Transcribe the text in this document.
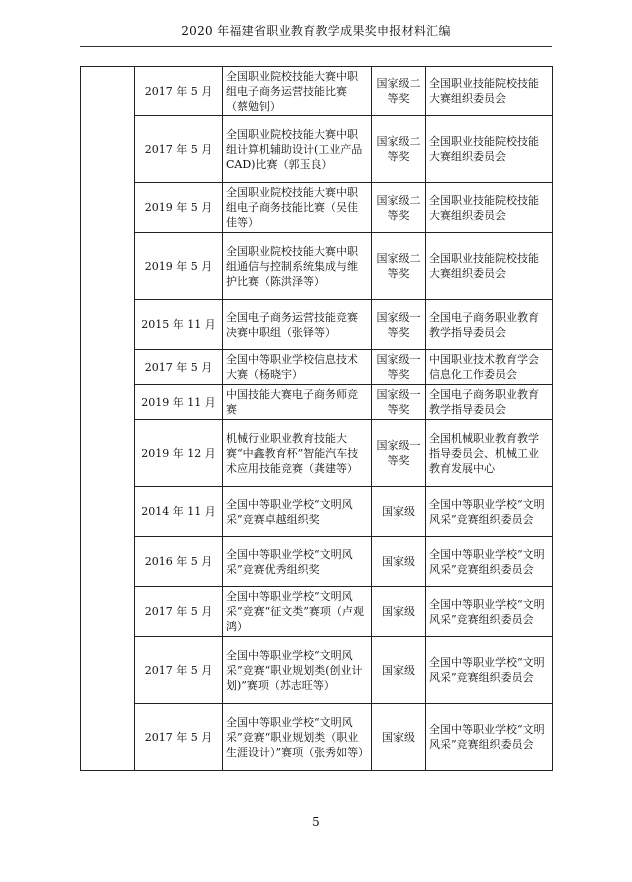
2020 年福建省职业教育教学成果奖申报材料汇编
	2017 年 5 月	全国职业院校技能大赛中职组电子商务运营技能比赛（蔡勉钊）	国家级二等奖	全国职业技能院校技能大赛组织委员会
	2017 年 5 月	全国职业院校技能大赛中职组计算机辅助设计(工业产品 CAD)比赛（郭玉良）	国家级二等奖	全国职业技能院校技能大赛组织委员会
	2019 年 5 月	全国职业院校技能大赛中职组电子商务技能比赛（吴佳佳等）	国家级二等奖	全国职业技能院校技能大赛组织委员会
	2019 年 5 月	全国职业院校技能大赛中职组通信与控制系统集成与维护比赛（陈洪泽等）	国家级二等奖	全国职业技能院校技能大赛组织委员会
	2015 年 11 月	全国电子商务运营技能竞赛决赛中职组（张铎等）	国家级一等奖	全国电子商务职业教育教学指导委员会
	2017 年 5 月	全国中等职业学校信息技术大赛（杨晓宇）	国家级一等奖	中国职业技术教育学会信息化工作委员会
	2019 年 11 月	中国技能大赛电子商务师竞赛	国家级一等奖	全国电子商务职业教育教学指导委员会
	2019 年 12 月	机械行业职业教育技能大赛“中鑫教育杯”智能汽车技术应用技能竞赛（龚建等）	国家级一等奖	全国机械职业教育教学指导委员会、机械工业教育发展中心
	2014 年 11 月	全国中等职业学校“文明风采”竞赛卓越组织奖	国家级	全国中等职业学校“文明风采”竞赛组织委员会
	2016 年 5 月	全国中等职业学校“文明风采”竞赛优秀组织奖	国家级	全国中等职业学校“文明风采”竞赛组织委员会
	2017 年 5 月	全国中等职业学校“文明风采”竞赛“征文类”赛项（卢观鸿）	国家级	全国中等职业学校“文明风采”竞赛组织委员会
	2017 年 5 月	全国中等职业学校“文明风采”竞赛“职业规划类(创业计划)”赛项（苏志旺等）	国家级	全国中等职业学校“文明风采”竞赛组织委员会
	2017 年 5 月	全国中等职业学校“文明风采”竞赛“职业规划类（职业生涯设计）”赛项（张秀如等）	国家级	全国中等职业学校“文明风采”竞赛组织委员会
5
